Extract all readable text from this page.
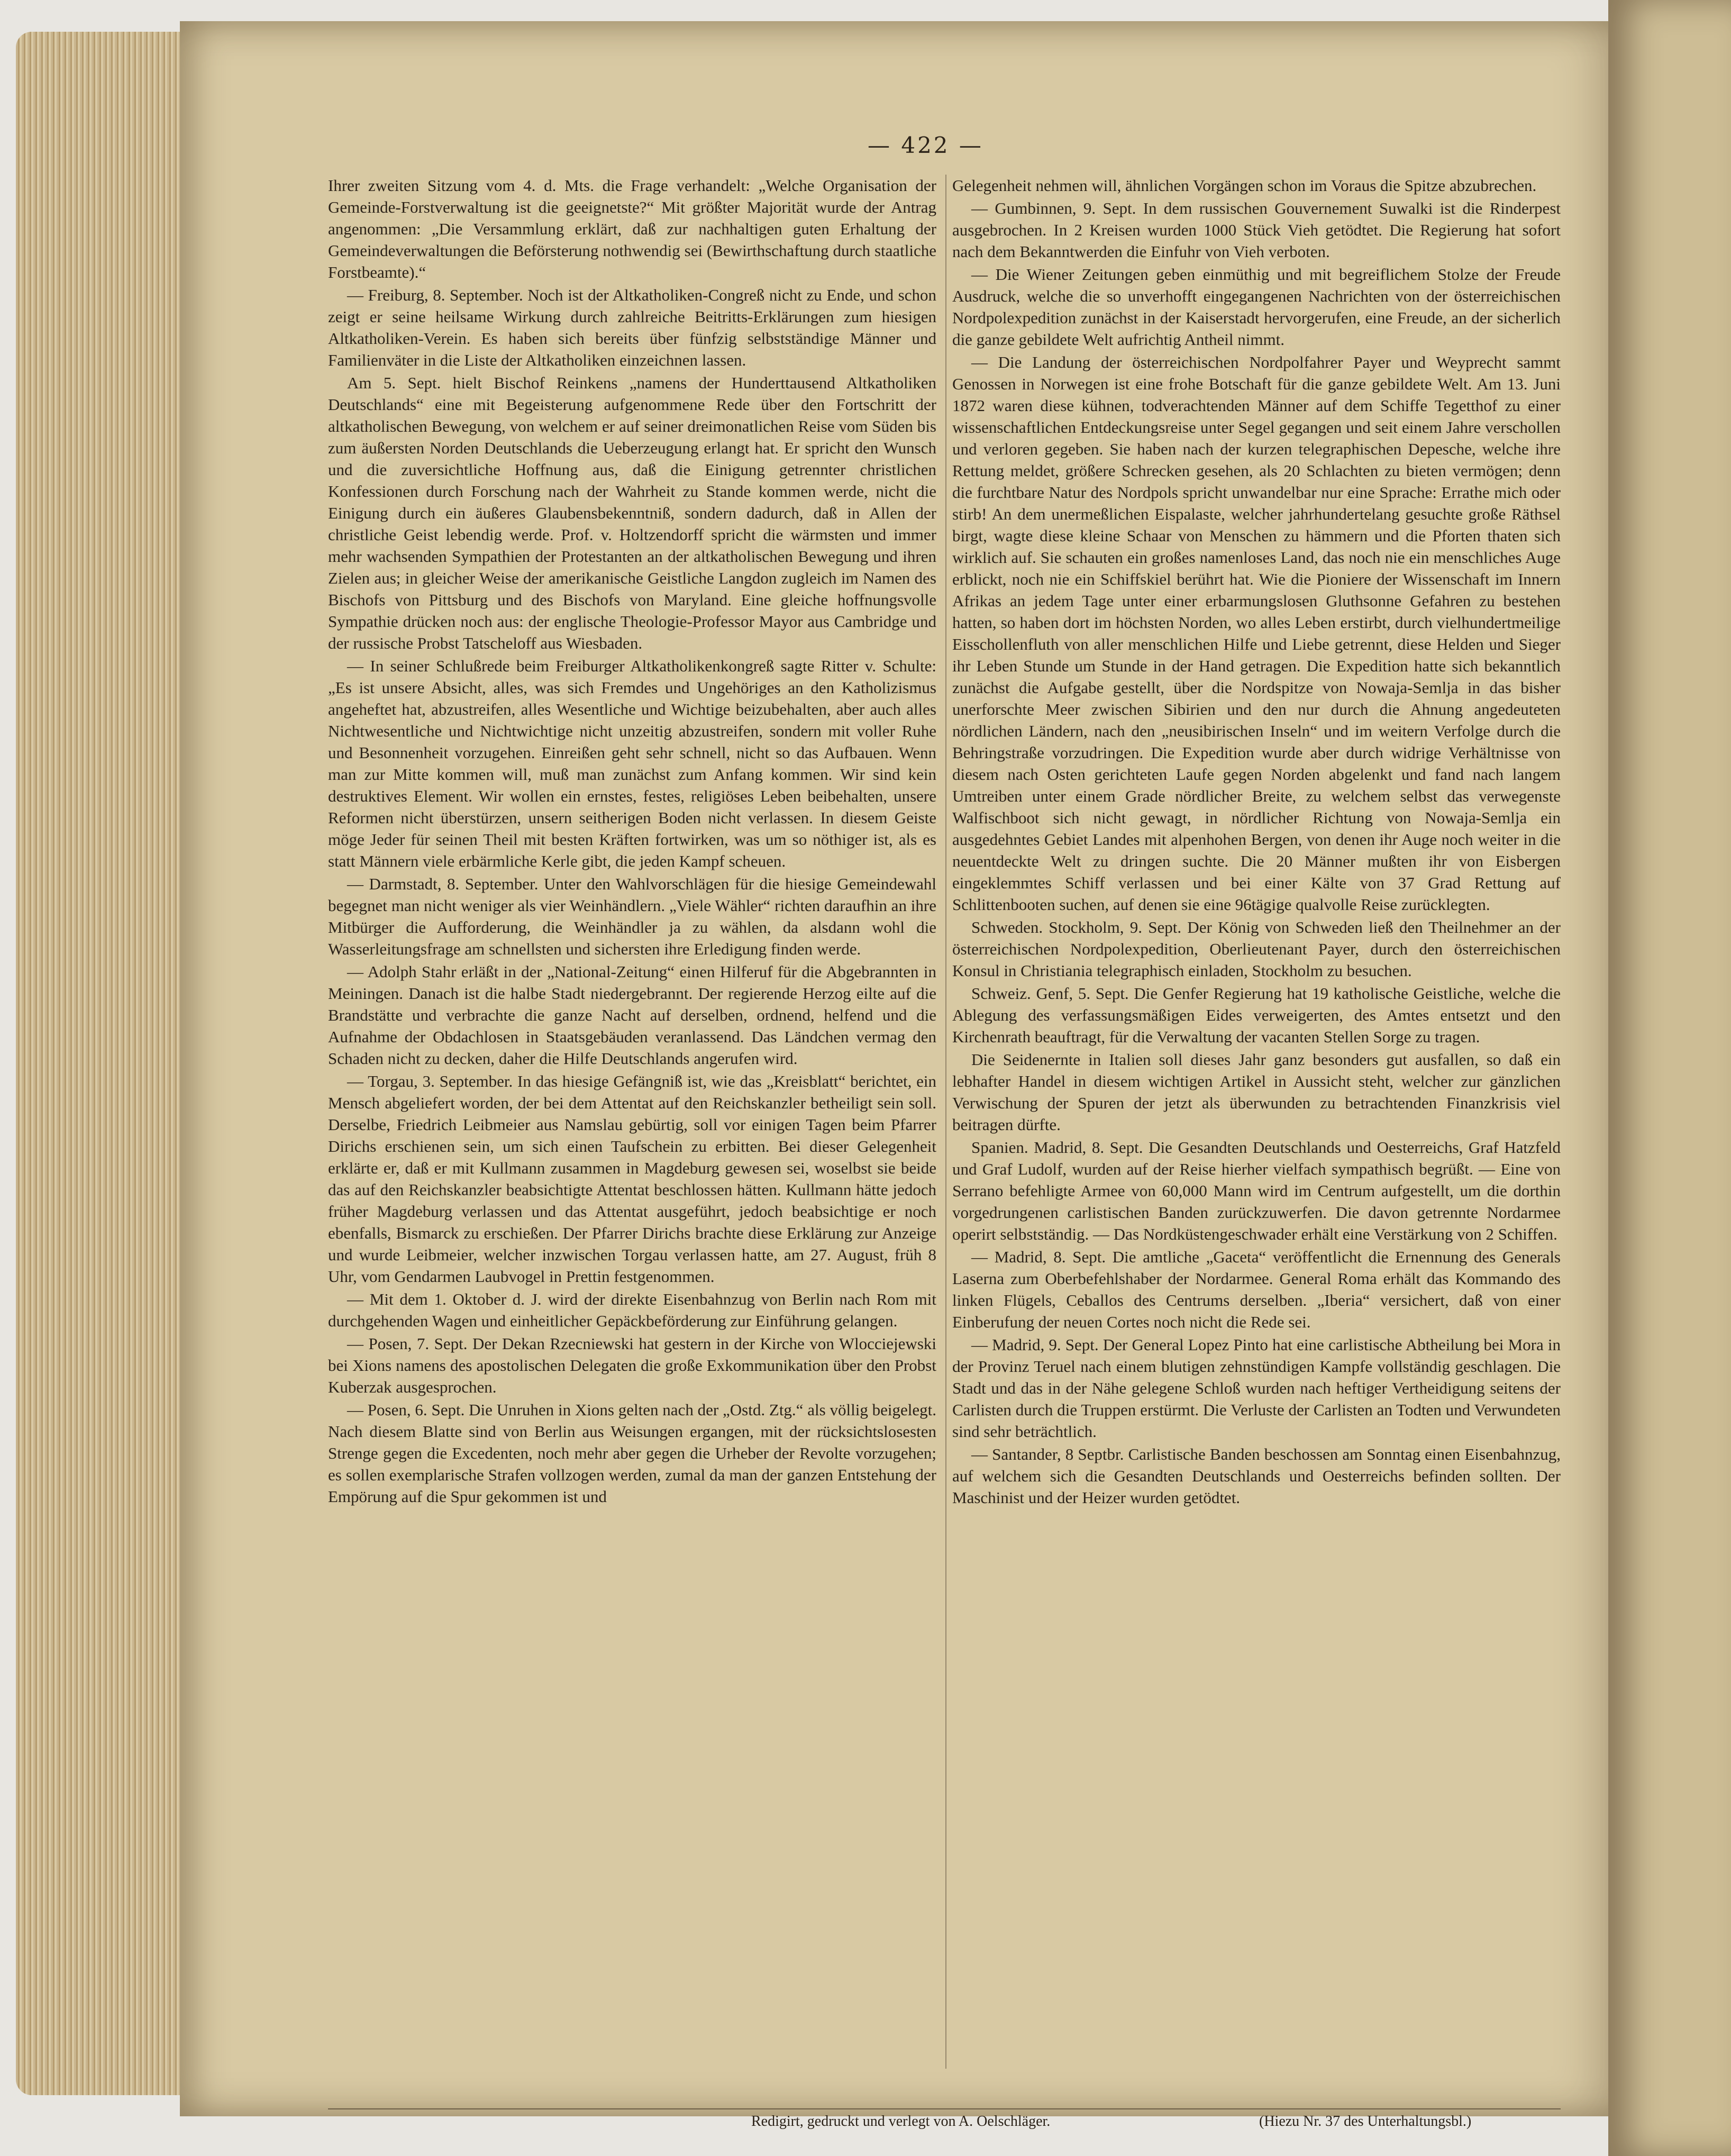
— 422 —

Ihrer zweiten Sitzung vom 4. d. Mts. die Frage verhandelt: „Welche Organisation der Gemeinde-Forstverwaltung ist die geeignetste?“ Mit größter Majorität wurde der Antrag angenommen: „Die Versammlung erklärt, daß zur nachhaltigen guten Erhaltung der Gemeindeverwaltungen die Beförsterung nothwendig sei (Bewirthschaftung durch staatliche Forstbeamte).“

— Freiburg, 8. September. Noch ist der Altkatholiken-Congreß nicht zu Ende, und schon zeigt er seine heilsame Wirkung durch zahlreiche Beitritts-Erklärungen zum hiesigen Altkatholiken-Verein. Es haben sich bereits über fünfzig selbstständige Männer und Familienväter in die Liste der Altkatholiken einzeichnen lassen.

Am 5. Sept. hielt Bischof Reinkens „namens der Hunderttausend Altkatholiken Deutschlands“ eine mit Begeisterung aufgenommene Rede über den Fortschritt der altkatholischen Bewegung, von welchem er auf seiner dreimonatlichen Reise vom Süden bis zum äußersten Norden Deutschlands die Ueberzeugung erlangt hat. Er spricht den Wunsch und die zuversichtliche Hoffnung aus, daß die Einigung getrennter christlichen Konfessionen durch Forschung nach der Wahrheit zu Stande kommen werde, nicht die Einigung durch ein äußeres Glaubensbekenntniß, sondern dadurch, daß in Allen der christliche Geist lebendig werde. Prof. v. Holtzendorff spricht die wärmsten und immer mehr wachsenden Sympathien der Protestanten an der altkatholischen Bewegung und ihren Zielen aus; in gleicher Weise der amerikanische Geistliche Langdon zugleich im Namen des Bischofs von Pittsburg und des Bischofs von Maryland. Eine gleiche hoffnungsvolle Sympathie drücken noch aus: der englische Theologie-Professor Mayor aus Cambridge und der russische Probst Tatscheloff aus Wiesbaden.

— In seiner Schlußrede beim Freiburger Altkatholikenkongreß sagte Ritter v. Schulte: „Es ist unsere Absicht, alles, was sich Fremdes und Ungehöriges an den Katholizismus angeheftet hat, abzustreifen, alles Wesentliche und Wichtige beizubehalten, aber auch alles Nichtwesentliche und Nichtwichtige nicht unzeitig abzustreifen, sondern mit voller Ruhe und Besonnenheit vorzugehen. Einreißen geht sehr schnell, nicht so das Aufbauen. Wenn man zur Mitte kommen will, muß man zunächst zum Anfang kommen. Wir sind kein destruktives Element. Wir wollen ein ernstes, festes, religiöses Leben beibehalten, unsere Reformen nicht überstürzen, unsern seitherigen Boden nicht verlassen. In diesem Geiste möge Jeder für seinen Theil mit besten Kräften fortwirken, was um so nöthiger ist, als es statt Männern viele erbärmliche Kerle gibt, die jeden Kampf scheuen.

— Darmstadt, 8. September. Unter den Wahlvorschlägen für die hiesige Gemeindewahl begegnet man nicht weniger als vier Weinhändlern. „Viele Wähler“ richten daraufhin an ihre Mitbürger die Aufforderung, die Weinhändler ja zu wählen, da alsdann wohl die Wasserleitungsfrage am schnellsten und sichersten ihre Erledigung finden werde.

— Adolph Stahr erläßt in der „National-Zeitung“ einen Hilferuf für die Abgebrannten in Meiningen. Danach ist die halbe Stadt niedergebrannt. Der regierende Herzog eilte auf die Brandstätte und verbrachte die ganze Nacht auf derselben, ordnend, helfend und die Aufnahme der Obdachlosen in Staatsgebäuden veranlassend. Das Ländchen vermag den Schaden nicht zu decken, daher die Hilfe Deutschlands angerufen wird.

— Torgau, 3. September. In das hiesige Gefängniß ist, wie das „Kreisblatt“ berichtet, ein Mensch abgeliefert worden, der bei dem Attentat auf den Reichskanzler betheiligt sein soll. Derselbe, Friedrich Leibmeier aus Namslau gebürtig, soll vor einigen Tagen beim Pfarrer Dirichs erschienen sein, um sich einen Taufschein zu erbitten. Bei dieser Gelegenheit erklärte er, daß er mit Kullmann zusammen in Magdeburg gewesen sei, woselbst sie beide das auf den Reichskanzler beabsichtigte Attentat beschlossen hätten. Kullmann hätte jedoch früher Magdeburg verlassen und das Attentat ausgeführt, jedoch beabsichtige er noch ebenfalls, Bismarck zu erschießen. Der Pfarrer Dirichs brachte diese Erklärung zur Anzeige und wurde Leibmeier, welcher inzwischen Torgau verlassen hatte, am 27. August, früh 8 Uhr, vom Gendarmen Laubvogel in Prettin festgenommen.

— Mit dem 1. Oktober d. J. wird der direkte Eisenbahnzug von Berlin nach Rom mit durchgehenden Wagen und einheitlicher Gepäckbeförderung zur Einführung gelangen.

— Posen, 7. Sept. Der Dekan Rzecniewski hat gestern in der Kirche von Wlocciejewski bei Xions namens des apostolischen Delegaten die große Exkommunikation über den Probst Kuberzak ausgesprochen.

— Posen, 6. Sept. Die Unruhen in Xions gelten nach der „Ostd. Ztg.“ als völlig beigelegt. Nach diesem Blatte sind von Berlin aus Weisungen ergangen, mit der rücksichtslosesten Strenge gegen die Excedenten, noch mehr aber gegen die Urheber der Revolte vorzugehen; es sollen exemplarische Strafen vollzogen werden, zumal da man der ganzen Entstehung der Empörung auf die Spur gekommen ist und

Gelegenheit nehmen will, ähnlichen Vorgängen schon im Voraus die Spitze abzubrechen.

— Gumbinnen, 9. Sept. In dem russischen Gouvernement Suwalki ist die Rinderpest ausgebrochen. In 2 Kreisen wurden 1000 Stück Vieh getödtet. Die Regierung hat sofort nach dem Bekanntwerden die Einfuhr von Vieh verboten.

— Die Wiener Zeitungen geben einmüthig und mit begreiflichem Stolze der Freude Ausdruck, welche die so unverhofft eingegangenen Nachrichten von der österreichischen Nordpolexpedition zunächst in der Kaiserstadt hervorgerufen, eine Freude, an der sicherlich die ganze gebildete Welt aufrichtig Antheil nimmt.

— Die Landung der österreichischen Nordpolfahrer Payer und Weyprecht sammt Genossen in Norwegen ist eine frohe Botschaft für die ganze gebildete Welt. Am 13. Juni 1872 waren diese kühnen, todverachtenden Männer auf dem Schiffe Tegetthof zu einer wissenschaftlichen Entdeckungsreise unter Segel gegangen und seit einem Jahre verschollen und verloren gegeben. Sie haben nach der kurzen telegraphischen Depesche, welche ihre Rettung meldet, größere Schrecken gesehen, als 20 Schlachten zu bieten vermögen; denn die furchtbare Natur des Nordpols spricht unwandelbar nur eine Sprache: Errathe mich oder stirb! An dem unermeßlichen Eispalaste, welcher jahrhundertelang gesuchte große Räthsel birgt, wagte diese kleine Schaar von Menschen zu hämmern und die Pforten thaten sich wirklich auf. Sie schauten ein großes namenloses Land, das noch nie ein menschliches Auge erblickt, noch nie ein Schiffskiel berührt hat. Wie die Pioniere der Wissenschaft im Innern Afrikas an jedem Tage unter einer erbarmungslosen Gluthsonne Gefahren zu bestehen hatten, so haben dort im höchsten Norden, wo alles Leben erstirbt, durch vielhundertmeilige Eisschollenfluth von aller menschlichen Hilfe und Liebe getrennt, diese Helden und Sieger ihr Leben Stunde um Stunde in der Hand getragen. Die Expedition hatte sich bekanntlich zunächst die Aufgabe gestellt, über die Nordspitze von Nowaja-Semlja in das bisher unerforschte Meer zwischen Sibirien und den nur durch die Ahnung angedeuteten nördlichen Ländern, nach den „neusibirischen Inseln“ und im weitern Verfolge durch die Behringstraße vorzudringen. Die Expedition wurde aber durch widrige Verhältnisse von diesem nach Osten gerichteten Laufe gegen Norden abgelenkt und fand nach langem Umtreiben unter einem Grade nördlicher Breite, zu welchem selbst das verwegenste Walfischboot sich nicht gewagt, in nördlicher Richtung von Nowaja-Semlja ein ausgedehntes Gebiet Landes mit alpenhohen Bergen, von denen ihr Auge noch weiter in die neuentdeckte Welt zu dringen suchte. Die 20 Männer mußten ihr von Eisbergen eingeklemmtes Schiff verlassen und bei einer Kälte von 37 Grad Rettung auf Schlittenbooten suchen, auf denen sie eine 96tägige qualvolle Reise zurücklegten.

Schweden. Stockholm, 9. Sept. Der König von Schweden ließ den Theilnehmer an der österreichischen Nordpolexpedition, Oberlieutenant Payer, durch den österreichischen Konsul in Christiania telegraphisch einladen, Stockholm zu besuchen.

Schweiz. Genf, 5. Sept. Die Genfer Regierung hat 19 katholische Geistliche, welche die Ablegung des verfassungsmäßigen Eides verweigerten, des Amtes entsetzt und den Kirchenrath beauftragt, für die Verwaltung der vacanten Stellen Sorge zu tragen.

Die Seidenernte in Italien soll dieses Jahr ganz besonders gut ausfallen, so daß ein lebhafter Handel in diesem wichtigen Artikel in Aussicht steht, welcher zur gänzlichen Verwischung der Spuren der jetzt als überwunden zu betrachtenden Finanzkrisis viel beitragen dürfte.

Spanien. Madrid, 8. Sept. Die Gesandten Deutschlands und Oesterreichs, Graf Hatzfeld und Graf Ludolf, wurden auf der Reise hierher vielfach sympathisch begrüßt. — Eine von Serrano befehligte Armee von 60,000 Mann wird im Centrum aufgestellt, um die dorthin vorgedrungenen carlistischen Banden zurückzuwerfen. Die davon getrennte Nordarmee operirt selbstständig. — Das Nordküstengeschwader erhält eine Verstärkung von 2 Schiffen.

— Madrid, 8. Sept. Die amtliche „Gaceta“ veröffentlicht die Ernennung des Generals Laserna zum Oberbefehlshaber der Nordarmee. General Roma erhält das Kommando des linken Flügels, Ceballos des Centrums derselben. „Iberia“ versichert, daß von einer Einberufung der neuen Cortes noch nicht die Rede sei.

— Madrid, 9. Sept. Der General Lopez Pinto hat eine carlistische Abtheilung bei Mora in der Provinz Teruel nach einem blutigen zehnstündigen Kampfe vollständig geschlagen. Die Stadt und das in der Nähe gelegene Schloß wurden nach heftiger Vertheidigung seitens der Carlisten durch die Truppen erstürmt. Die Verluste der Carlisten an Todten und Verwundeten sind sehr beträchtlich.

— Santander, 8 Septbr. Carlistische Banden beschossen am Sonntag einen Eisenbahnzug, auf welchem sich die Gesandten Deutschlands und Oesterreichs befinden sollten. Der Maschinist und der Heizer wurden getödtet.

Redigirt, gedruckt und verlegt von A. Oelschläger.	(Hiezu Nr. 37 des Unterhaltungsbl.)
